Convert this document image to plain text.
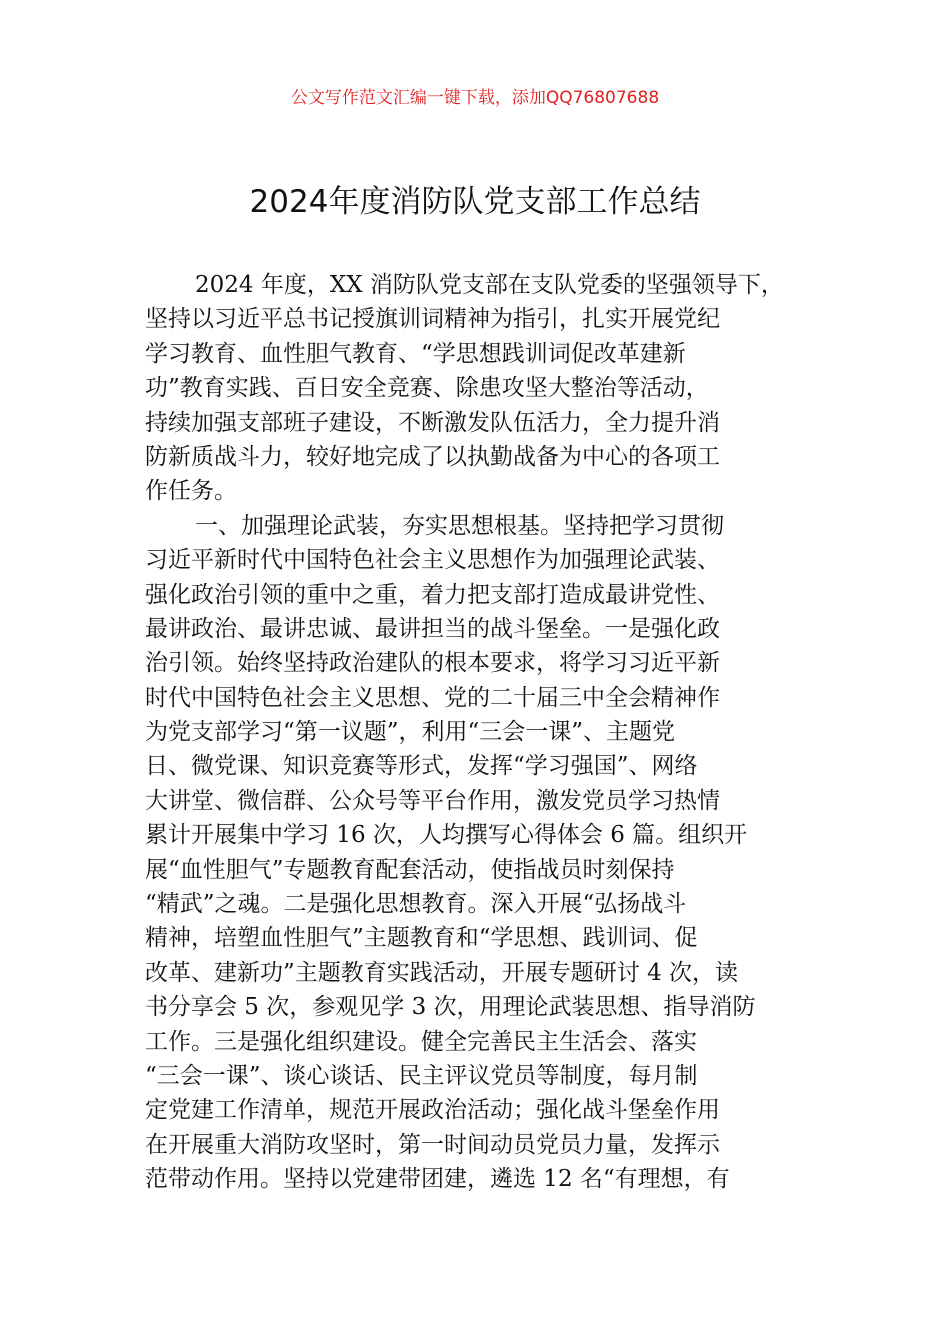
公文写作范文汇编一键下载，添加QQ76807688
2024年度消防队党支部工作总结
2024 年度，XX 消防队党支部在支队党委的坚强领导下，
坚持以习近平总书记授旗训词精神为指引，扎实开展党纪
学习教育、血性胆气教育、“学思想践训词促改革建新
功”教育实践、百日安全竞赛、除患攻坚大整治等活动，
持续加强支部班子建设，不断激发队伍活力，全力提升消
防新质战斗力，较好地完成了以执勤战备为中心的各项工
作任务。
一、加强理论武装，夯实思想根基。坚持把学习贯彻
习近平新时代中国特色社会主义思想作为加强理论武装、
强化政治引领的重中之重，着力把支部打造成最讲党性、
最讲政治、最讲忠诚、最讲担当的战斗堡垒。一是强化政
治引领。始终坚持政治建队的根本要求，将学习习近平新
时代中国特色社会主义思想、党的二十届三中全会精神作
为党支部学习“第一议题”，利用“三会一课”、主题党
日、微党课、知识竞赛等形式，发挥“学习强国”、网络
大讲堂、微信群、公众号等平台作用，激发党员学习热情
累计开展集中学习 16 次，人均撰写心得体会 6 篇。组织开
展“血性胆气”专题教育配套活动，使指战员时刻保持
“精武”之魂。二是强化思想教育。深入开展“弘扬战斗
精神，培塑血性胆气”主题教育和“学思想、践训词、促
改革、建新功”主题教育实践活动，开展专题研讨 4 次，读
书分享会 5 次，参观见学 3 次，用理论武装思想、指导消防
工作。三是强化组织建设。健全完善民主生活会、落实
“三会一课”、谈心谈话、民主评议党员等制度，每月制
定党建工作清单，规范开展政治活动；强化战斗堡垒作用
在开展重大消防攻坚时，第一时间动员党员力量，发挥示
范带动作用。坚持以党建带团建，遴选 12 名“有理想，有
